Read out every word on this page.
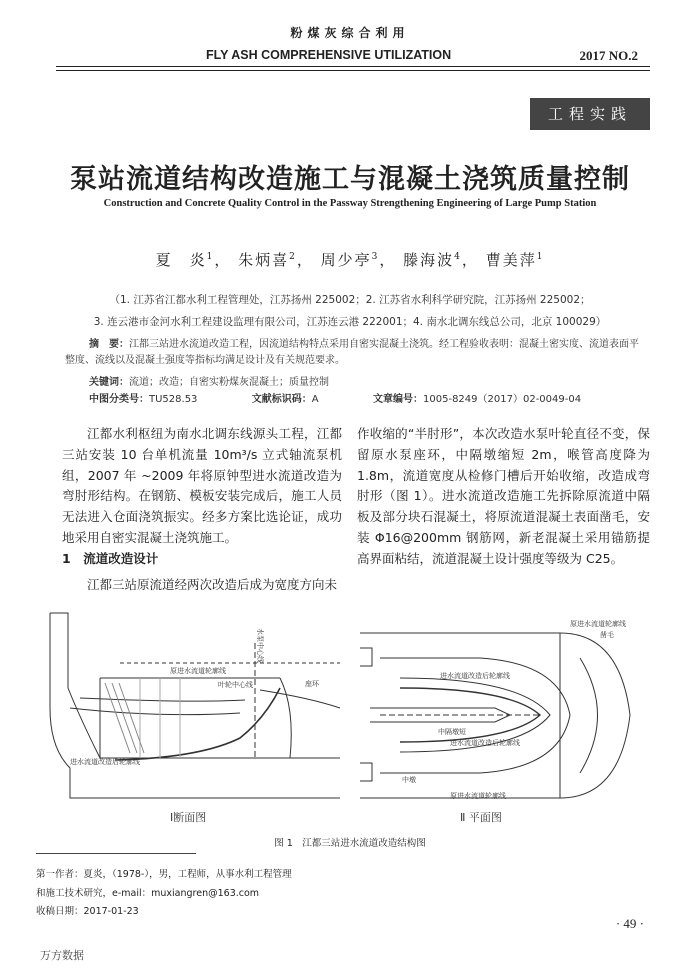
粉煤灰综合利用
FLY ASH COMPREHENSIVE UTILIZATION	2017 NO.2
工程实践
泵站流道结构改造施工与混凝土浇筑质量控制
Construction and Concrete Quality Control in the Passway Strengthening Engineering of Large Pump Station
夏　炎$^1$， 朱炳喜$^2$， 周少亭$^3$， 滕海波$^4$， 曹美萍$^1$
（1. 江苏省江都水利工程管理处，江苏扬州 225002；2. 江苏省水利科学研究院，江苏扬州 225002；
3. 连云港市金河水利工程建设监理有限公司，江苏连云港 222001；4. 南水北调东线总公司，北京 100029）
摘　要：江都三站进水流道改造工程，因流道结构特点采用自密实混凝土浇筑。经工程验收表明：混凝土密实度、流道表面平整度、流线以及混凝土强度等指标均满足设计及有关规范要求。
关键词：流道；改造；自密实粉煤灰混凝土；质量控制
中图分类号：TU528.53	文献标识码：A	文章编号：1005-8249（2017）02-0049-04

江都水利枢纽为南水北调东线源头工程，江都三站安装 10 台单机流量 10m³/s 立式轴流泵机组，2007 年 ~2009 年将原钟型进水流道改造为弯肘形结构。在钢筋、模板安装完成后，施工人员无法进入仓面浇筑振实。经多方案比选论证，成功地采用自密实混凝土浇筑施工。

1　流道改造设计

江都三站原流道经两次改造后成为宽度方向未

作收缩的“半肘形”，本次改造水泵叶轮直径不变，保留原水泵座环，中隔墩缩短 2m，喉管高度降为 1.8m，流道宽度从检修门槽后开始收缩，改造成弯肘形（图 1）。进水流道改造施工先拆除原流道中隔板及部分块石混凝土，将原流道混凝土表面凿毛，安装 Φ16@200mm 钢筋网，新老混凝土采用锚筋提高界面粘结，流道混凝土设计强度等级为 C25。

水泵中心线
原进水流道轮廓线
叶轮中心线	座环
进水流道改造后轮廓线
Ⅰ断面图
原进水流道轮廓线
凿毛
进水流道改造后轮廓线
中隔墩短
进水流道改造后轮廓线
中墩
原进水流道轮廓线
Ⅱ 平面图
图 1　江都三站进水流道改造结构图
第一作者：夏炎，（1978-），男，工程师，从事水利工程管理
和施工技术研究，e-mail：muxiangren@163.com
收稿日期：2017-01-23
· 49 ·
万方数据
